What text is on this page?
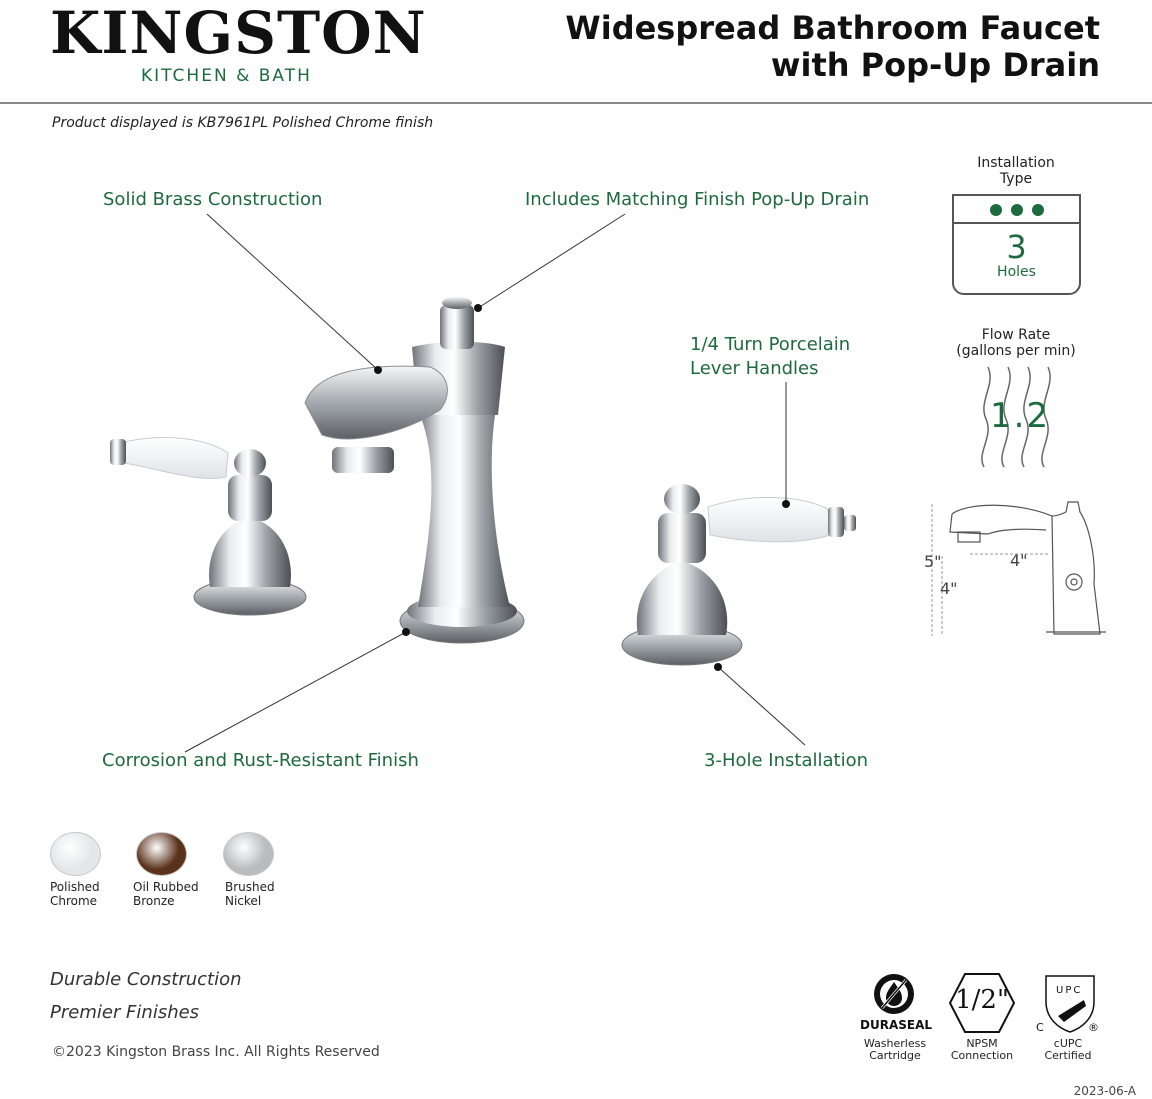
KINGSTON
KITCHEN & BATH
Widespread Bathroom Faucet
with Pop-Up Drain
Product displayed is KB7961PL Polished Chrome finish
Solid Brass Construction	Includes Matching Finish Pop-Up Drain
1/4 Turn Porcelain
Lever Handles
Corrosion and Rust-Resistant Finish	3-Hole Installation
Installation
Type
3
Holes
Flow Rate
(gallons per min)
1.2
5"
4"
4"
Polished
Chrome
Oil Rubbed
Bronze
Brushed
Nickel
Durable Construction
Premier Finishes
©2023 Kingston Brass Inc. All Rights Reserved
2023-06-A
DURASEAL
Washerless
Cartridge
1/2"
NPSM
Connection
UPC
C	®
cUPC
Certified
